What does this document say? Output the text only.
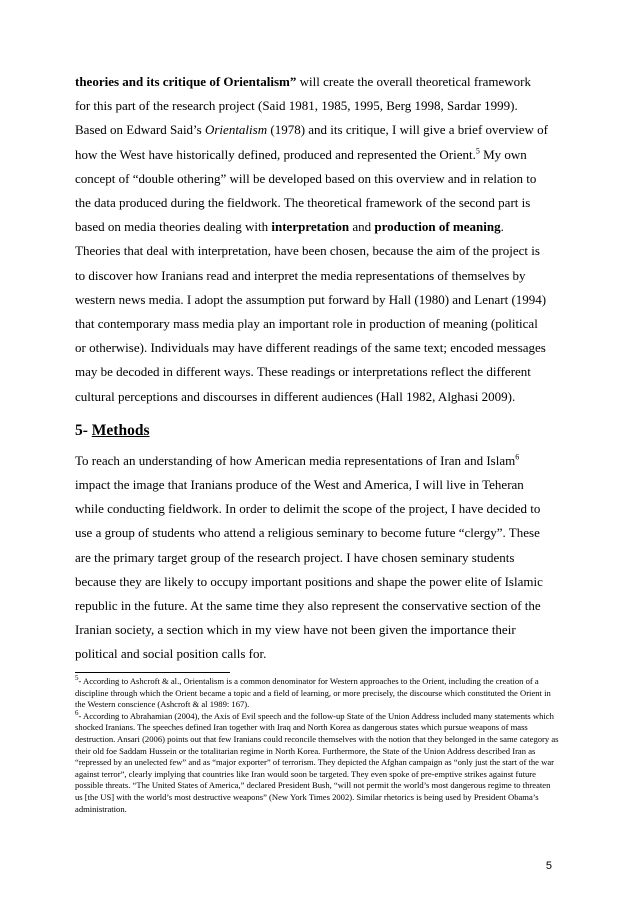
theories and its critique of Orientalism” will create the overall theoretical framework for this part of the research project (Said 1981, 1985, 1995, Berg 1998, Sardar 1999). Based on Edward Said’s Orientalism (1978) and its critique, I will give a brief overview of how the West have historically defined, produced and represented the Orient.$^5$ My own concept of “double othering” will be developed based on this overview and in relation to the data produced during the fieldwork. The theoretical framework of the second part is based on media theories dealing with interpretation and production of meaning. Theories that deal with interpretation, have been chosen, because the aim of the project is to discover how Iranians read and interpret the media representations of themselves by western news media. I adopt the assumption put forward by Hall (1980) and Lenart (1994) that contemporary mass media play an important role in production of meaning (political or otherwise). Individuals may have different readings of the same text; encoded messages may be decoded in different ways. These readings or interpretations reflect the different cultural perceptions and discourses in different audiences (Hall 1982, Alghasi 2009).

5- Methods

To reach an understanding of how American media representations of Iran and Islam$^6$ impact the image that Iranians produce of the West and America, I will live in Teheran while conducting fieldwork. In order to delimit the scope of the project, I have decided to use a group of students who attend a religious seminary to become future “clergy”. These are the primary target group of the research project. I have chosen seminary students because they are likely to occupy important positions and shape the power elite of Islamic republic in the future. At the same time they also represent the conservative section of the Iranian society, a section which in my view have not been given the importance their political and social position calls for.

$^5$- According to Ashcroft & al., Orientalism is a common denominator for Western approaches to the Orient, including the creation of a discipline through which the Orient became a topic and a field of learning, or more precisely, the discourse which constituted the Orient in the Western conscience (Ashcroft & al 1989: 167).

$^6$- According to Abrahamian (2004), the Axis of Evil speech and the follow-up State of the Union Address included many statements which shocked Iranians. The speeches defined Iran together with Iraq and North Korea as dangerous states which pursue weapons of mass destruction. Ansari (2006) points out that few Iranians could reconcile themselves with the notion that they belonged in the same category as their old foe Saddam Hussein or the totalitarian regime in North Korea. Furthermore, the State of the Union Address described Iran as “repressed by an unelected few” and as “major exporter” of terrorism. They depicted the Afghan campaign as “only just the start of the war against terror”, clearly implying that countries like Iran would soon be targeted. They even spoke of pre-emptive strikes against future possible threats. “The United States of America,” declared President Bush, “will not permit the world’s most dangerous regime to threaten us [the US] with the world’s most destructive weapons” (New York Times 2002). Similar rhetorics is being used by President Obama’s administration.

5
